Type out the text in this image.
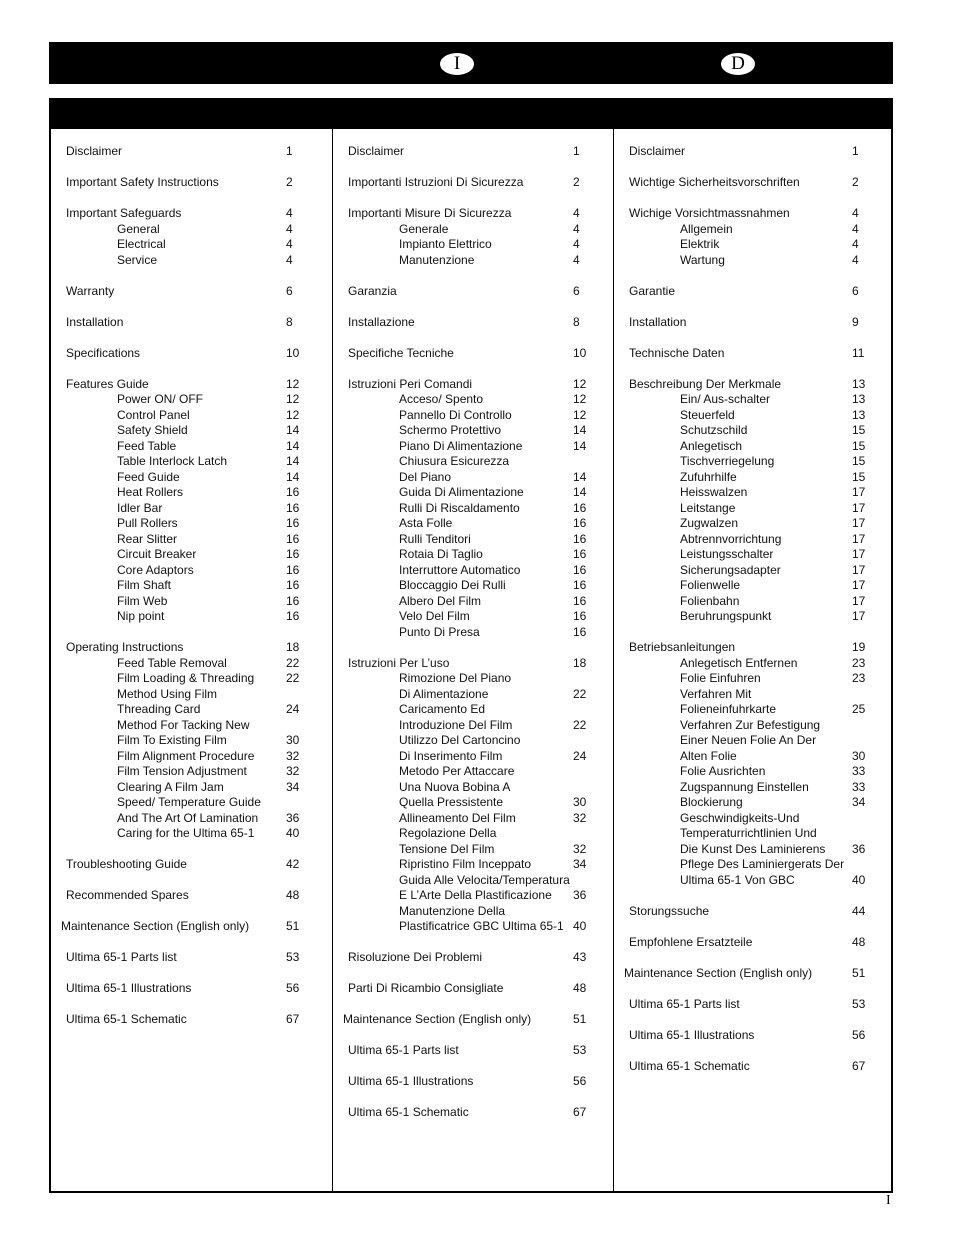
I	D
Disclaimer	1
Important Safety Instructions	2
Important Safeguards	4
General	4
Electrical	4
Service	4
Warranty	6
Installation	8
Specifications	10
Features Guide	12
Power ON/ OFF	12
Control Panel	12
Safety Shield	14
Feed Table	14
Table Interlock Latch	14
Feed Guide	14
Heat Rollers	16
Idler Bar	16
Pull Rollers	16
Rear Slitter	16
Circuit Breaker	16
Core Adaptors	16
Film Shaft	16
Film Web	16
Nip point	16
Operating Instructions	18
Feed Table Removal	22
Film Loading & Threading	22
Method Using Film
Threading Card	24
Method For Tacking New
Film To Existing Film	30
Film Alignment Procedure	32
Film Tension Adjustment	32
Clearing A Film Jam	34
Speed/ Temperature Guide
And The Art Of Lamination 36
Caring for the Ultima 65-1	40
Troubleshooting Guide	42
Recommended Spares	48
Maintenance Section (English only)	51
Ultima 65-1 Parts list	53
Ultima 65-1 Illustrations	56
Ultima 65-1 Schematic	67
Disclaimer	1
Importanti Istruzioni Di Sicurezza	2
Importanti Misure Di Sicurezza	4
Generale	4
Impianto Elettrico	4
Manutenzione	4
Garanzia	6
Installazione	8
Specifiche Tecniche	10
Istruzioni Peri Comandi	12
Acceso/ Spento	12
Pannello Di Controllo	12
Schermo Protettivo	14
Piano Di Alimentazione	14
Chiusura Esicurezza
Del Piano	14
Guida Di Alimentazione	14
Rulli Di Riscaldamento	16
Asta Folle	16
Rulli Tenditori	16
Rotaia Di Taglio	16
Interruttore Automatico	16
Bloccaggio Dei Rulli	16
Albero Del Film	16
Velo Del Film	16
Punto Di Presa	16
Istruzioni Per L’uso	18
Rimozione Del Piano
Di Alimentazione	22
Caricamento Ed
Introduzione Del Film	22
Utilizzo Del Cartoncino
Di Inserimento Film	24
Metodo Per Attaccare
Una Nuova Bobina A
Quella Pressistente	30
Allineamento Del Film	32
Regolazione Della
Tensione Del Film	32
Ripristino Film Inceppato	34
Guida Alle Velocita/Temperatura
E L’Arte Della Plastificazione 36
Manutenzione Della
Plastificatrice GBC Ultima 65-1 40
Risoluzione Dei Problemi	43
Parti Di Ricambio Consigliate	48
Maintenance Section (English only)	51
Ultima 65-1 Parts list	53
Ultima 65-1 Illustrations	56
Ultima 65-1 Schematic	67
Disclaimer	1
Wichtige Sicherheitsvorschriften	2
Wichige Vorsichtmassnahmen	4
Allgemein	4
Elektrik	4
Wartung	4
Garantie	6
Installation	9
Technische Daten	11
Beschreibung Der Merkmale	13
Ein/ Aus-schalter	13
Steuerfeld	13
Schutzschild	15
Anlegetisch	15
Tischverriegelung	15
Zufuhrhilfe	15
Heisswalzen	17
Leitstange	17
Zugwalzen	17
Abtrennvorrichtung	17
Leistungsschalter	17
Sicherungsadapter	17
Folienwelle	17
Folienbahn	17
Beruhrungspunkt	17
Betriebsanleitungen	19
Anlegetisch Entfernen	23
Folie Einfuhren	23
Verfahren Mit
Folieneinfuhrkarte	25
Verfahren Zur Befestigung
Einer Neuen Folie An Der
Alten Folie	30
Folie Ausrichten	33
Zugspannung Einstellen	33
Blockierung	34
Geschwindigkeits-Und
Temperaturrichtlinien Und
Die Kunst Des Laminierens 36
Pflege Des Laminiergerats Der
Ultima 65-1 Von GBC	40
Storungssuche	44
Empfohlene Ersatzteile	48
Maintenance Section (English only)	51
Ultima 65-1 Parts list	53
Ultima 65-1 Illustrations	56
Ultima 65-1 Schematic	67
I
